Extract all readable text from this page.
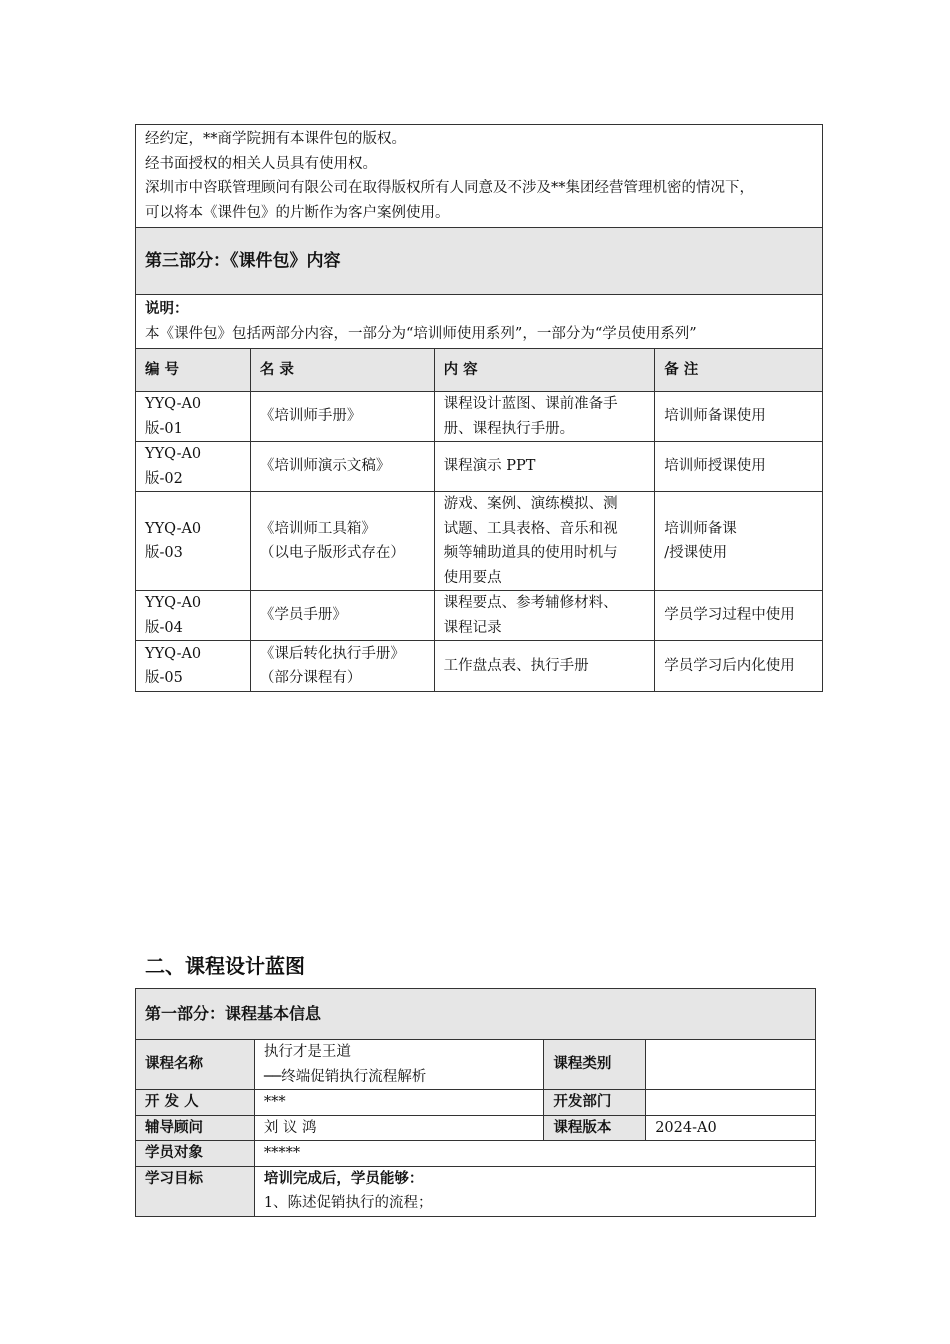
经约定，**商学院拥有本课件包的版权。
经书面授权的相关人员具有使用权。
深圳市中咨联管理顾问有限公司在取得版权所有人同意及不涉及**集团经营管理机密的情况下，
可以将本《课件包》的片断作为客户案例使用。			

第三部分：《课件包》内容			

说明：
本《课件包》包括两部分内容，一部分为“培训师使用系列”，一部分为“学员使用系列”			

编 号	名 录	内 容	备 注
YYQ-A0 版-01	《培训师手册》	课程设计蓝图、课前准备手
册、课程执行手册。	培训师备课使用

YYQ-A0 版-02	《培训师演示文稿》	课程演示 PPT	培训师授课使用

YYQ-A0 版-03	《培训师工具箱》
（以电子版形式存在）	游戏、案例、演练模拟、测
试题、工具表格、音乐和视
频等辅助道具的使用时机与
使用要点	培训师备课
/授课使用

YYQ-A0 版-04	《学员手册》	课程要点、参考辅修材料、
课程记录	学员学习过程中使用

YYQ-A0 版-05	《课后转化执行手册》
（部分课程有）	工作盘点表、执行手册	学员学习后内化使用
二、课程设计蓝图
第一部分：课程基本信息			
课程名称	执行才是王道
──终端促销执行流程解析	课程类别	
开 发 人	***	开发部门	
辅导顾问	刘 议 鸿	课程版本	2024-A0
学员对象	*****		
学习目标	培训完成后，学员能够：
1、陈述促销执行的流程；		
